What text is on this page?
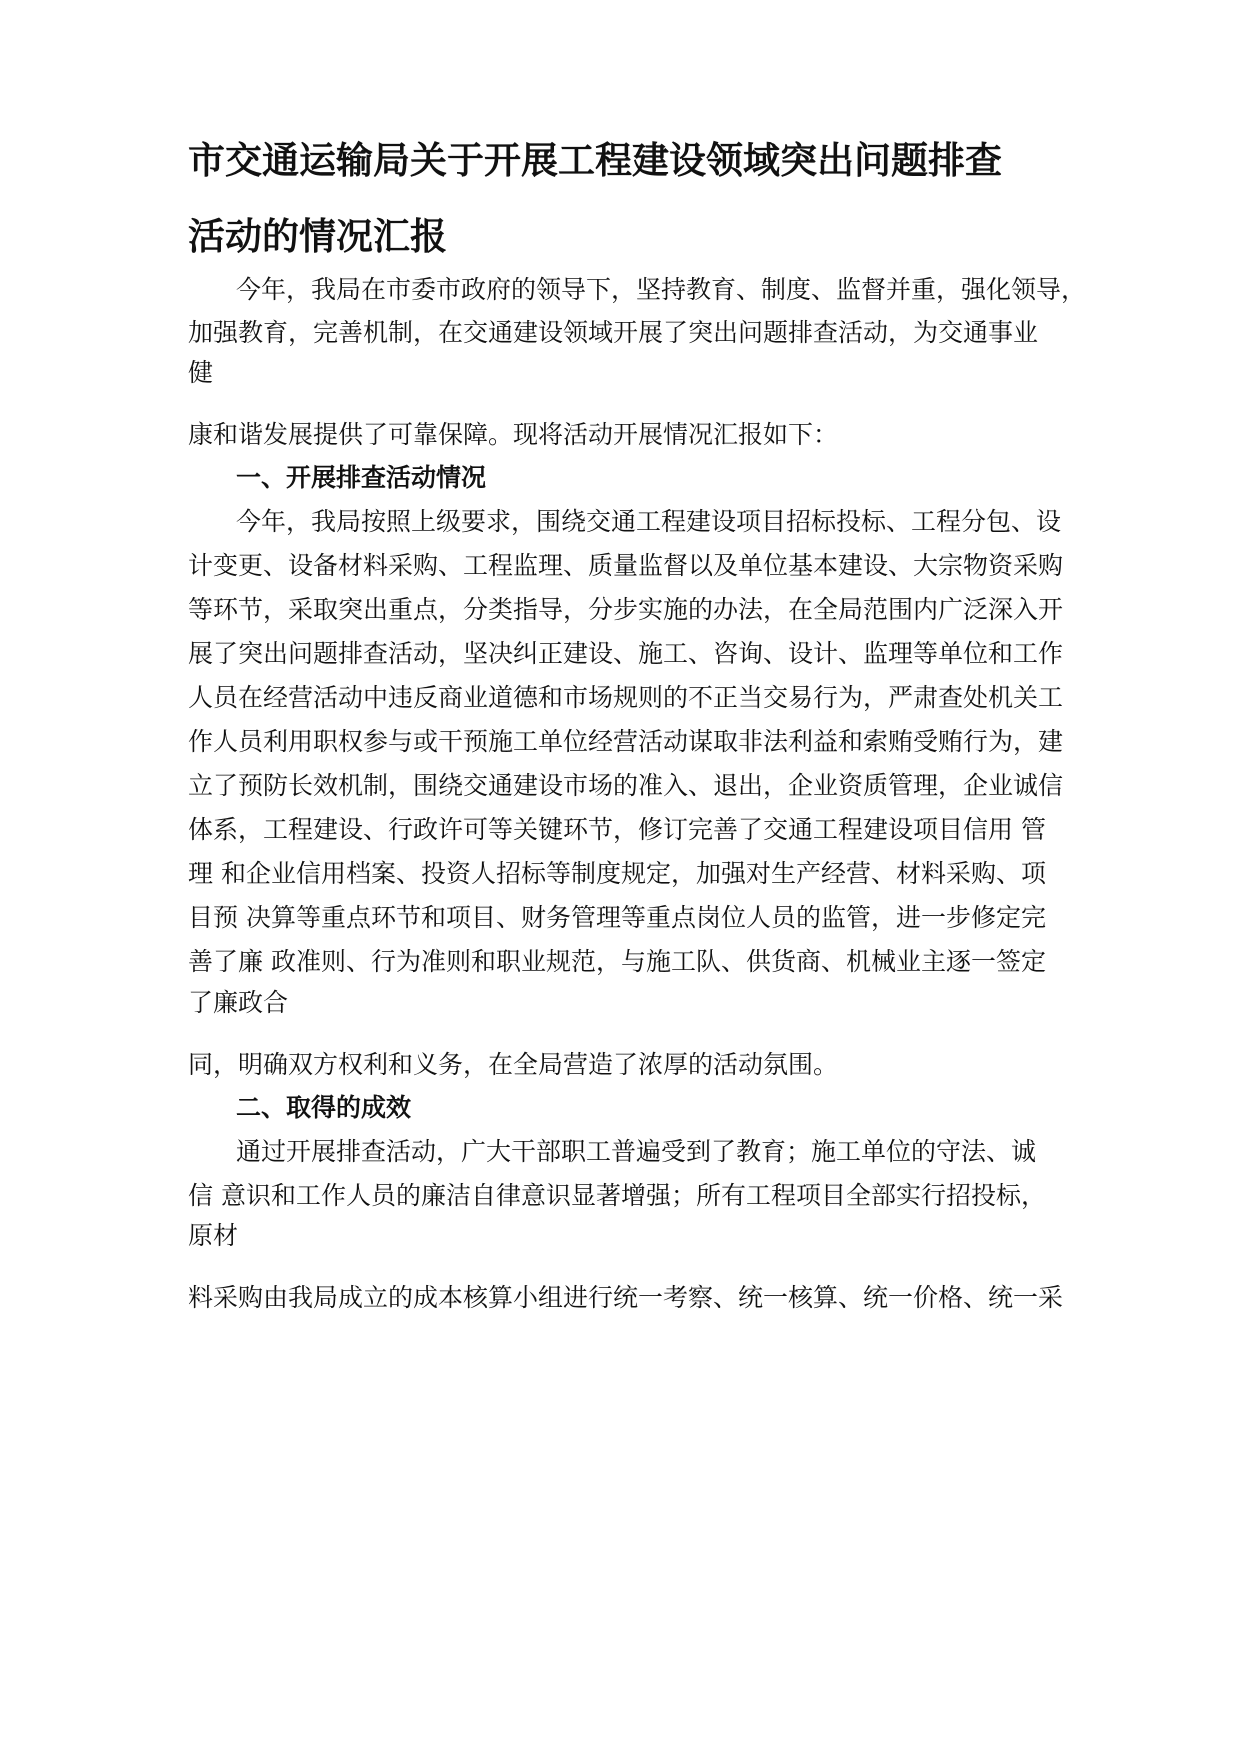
市交通运输局关于开展工程建设领域突出问题排查
活动的情况汇报
今年，我局在市委市政府的领导下，坚持教育、制度、监督并重，强化领导，
加强教育，完善机制，在交通建设领域开展了突出问题排查活动，为交通事业
健
康和谐发展提供了可靠保障。现将活动开展情况汇报如下：
一、开展排查活动情况
今年，我局按照上级要求，围绕交通工程建设项目招标投标、工程分包、设
计变更、设备材料采购、工程监理、质量监督以及单位基本建设、大宗物资采购
等环节，采取突出重点，分类指导，分步实施的办法，在全局范围内广泛深入开
展了突出问题排查活动，坚决纠正建设、施工、咨询、设计、监理等单位和工作
人员在经营活动中违反商业道德和市场规则的不正当交易行为，严肃查处机关工
作人员利用职权参与或干预施工单位经营活动谋取非法利益和索贿受贿行为，建
立了预防长效机制，围绕交通建设市场的准入、退出，企业资质管理，企业诚信
体系，工程建设、行政许可等关键环节，修订完善了交通工程建设项目信用 管
理 和企业信用档案、投资人招标等制度规定，加强对生产经营、材料采购、项
目预 决算等重点环节和项目、财务管理等重点岗位人员的监管，进一步修定完
善了廉 政准则、行为准则和职业规范，与施工队、供货商、机械业主逐一签定
了廉政合
同，明确双方权利和义务，在全局营造了浓厚的活动氛围。
二、取得的成效
通过开展排查活动，广大干部职工普遍受到了教育；施工单位的守法、诚
信 意识和工作人员的廉洁自律意识显著增强；所有工程项目全部实行招投标，
原材
料采购由我局成立的成本核算小组进行统一考察、统一核算、统一价格、统一采
